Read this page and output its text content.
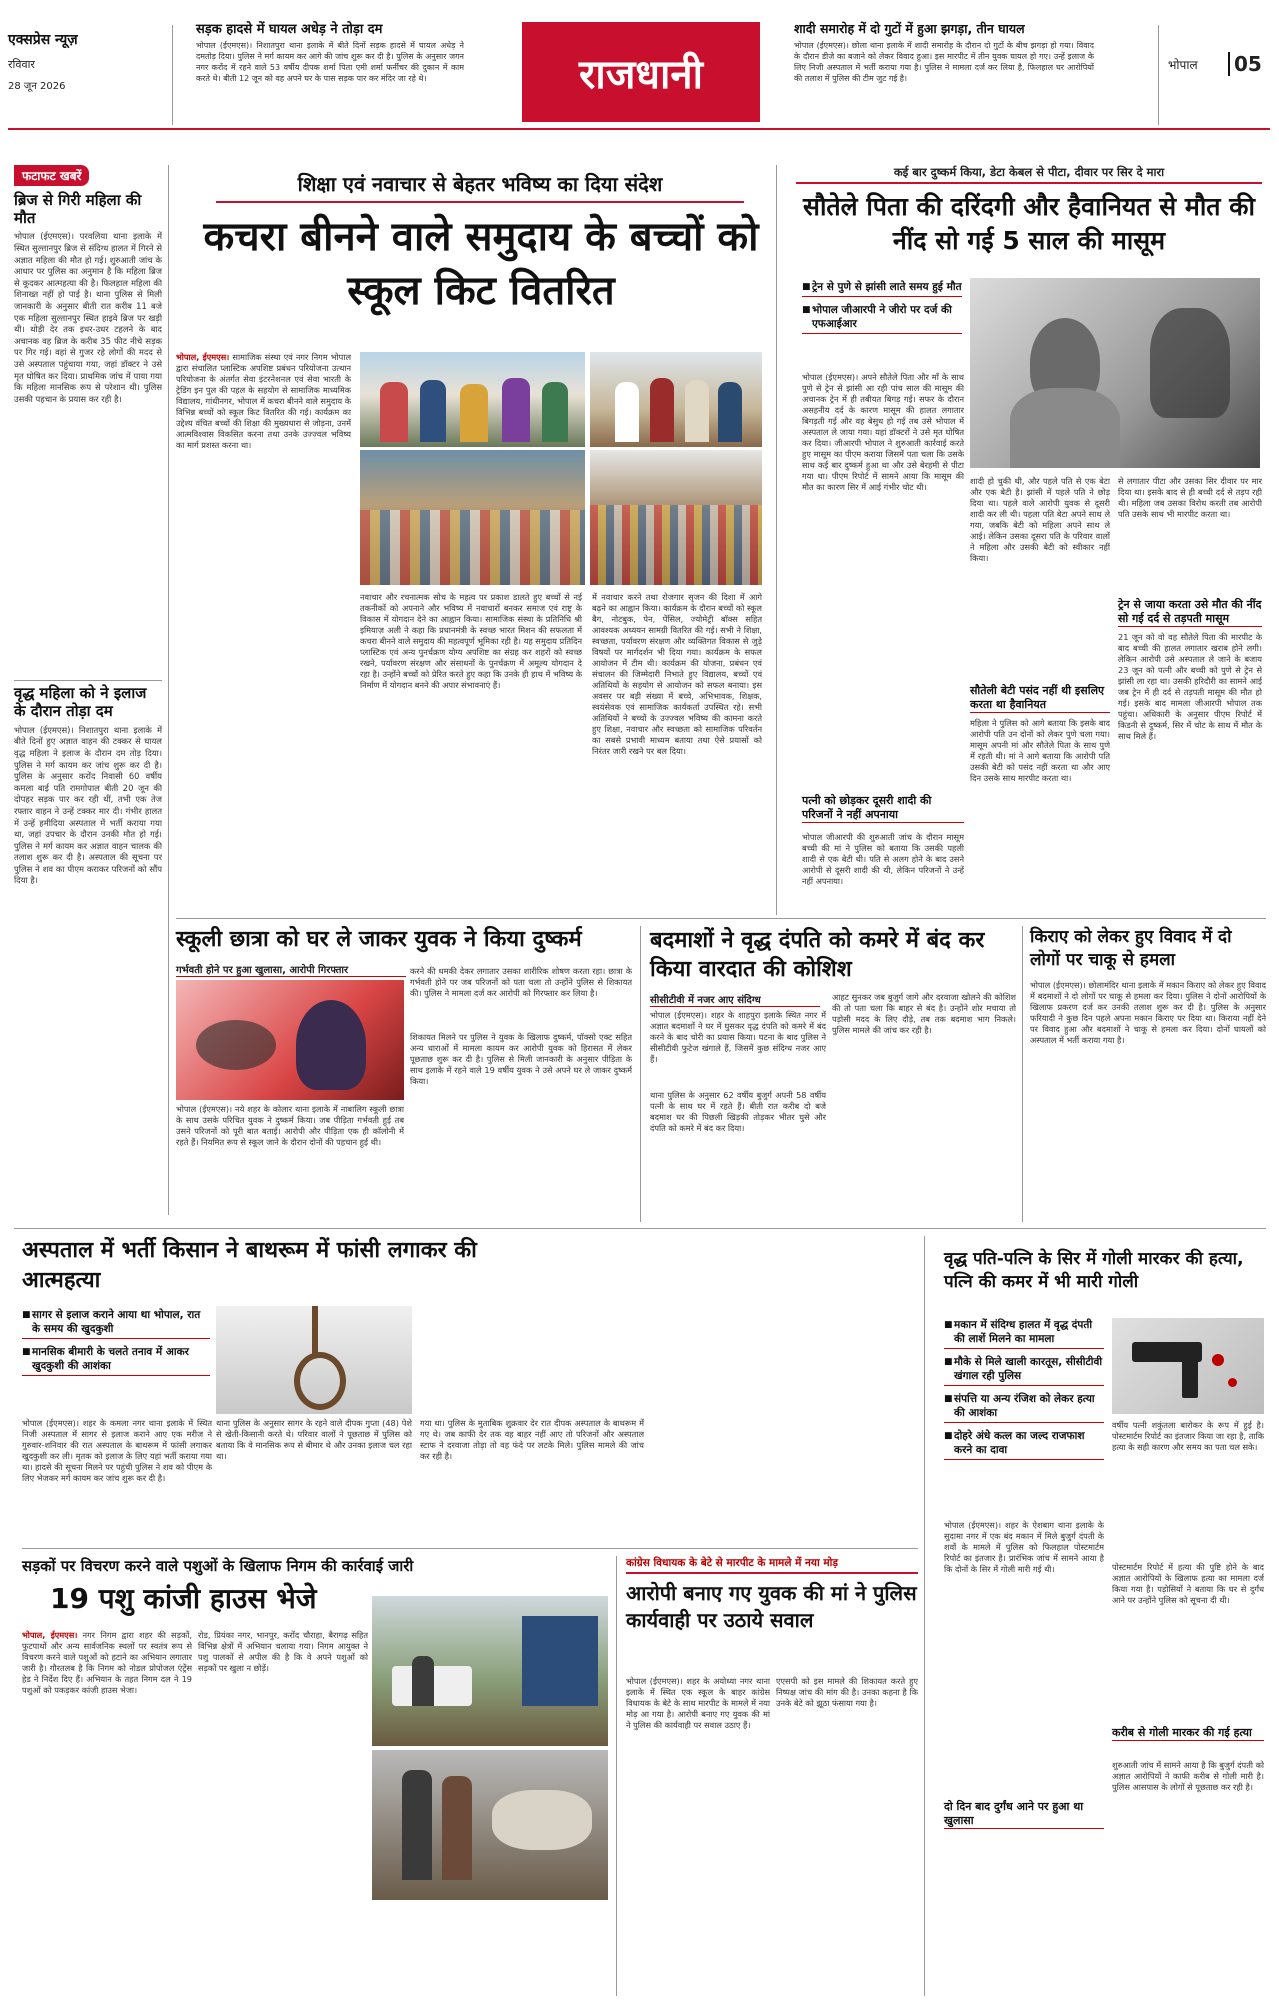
एक्सप्रेस न्यूज़
रविवार
28 जून 2026
सड़क हादसे में घायल अधेड़ ने तोड़ा दम
भोपाल (ईएमएस)। निशातपुरा थाना इलाके में बीते दिनों सड़क हादसे में घायल अधेड़ ने दमतोड़ दिया। पुलिस ने मर्ग कायम कर आगे की जांच शुरू कर दी है। पुलिस के अनुसार जगन नगर करोंद में रहने वाले 53 वर्षीय दीपक शर्मा पिता एमी शर्मा फर्नीचर की दुकान में काम करते थे। बीती 12 जून को वह अपने घर के पास सड़क पार कर मंदिर जा रहे थे।	राजधानी
शादी समारोह में दो गुटों में हुआ झगड़ा, तीन घायल
भोपाल (ईएमएस)। छोला थाना इलाके में शादी समारोह के दौरान दो गुटों के बीच झगड़ा हो गया। विवाद के दौरान डीजे का बजाने को लेकर विवाद हुआ। इस मारपीट में तीन युवक घायल हो गए। उन्हें इलाज के लिए निजी अस्पताल में भर्ती कराया गया है। पुलिस ने मामला दर्ज कर लिया है, फिलहाल घर आरोपियों की तलाश में पुलिस की टीम जुट गई है।
भोपाल	05
फटाफट खबरें
ब्रिज से गिरी महिला की मौत
भोपाल (ईएमएस)। परवलिया थाना इलाके में स्थित सुल्तानपुर ब्रिज से संदिग्ध हालत में गिरने से अज्ञात महिला की मौत हो गई। शुरुआती जांच के आधार पर पुलिस का अनुमान है कि महिला ब्रिज से कूदकर आत्महत्या की है। फिलहाल महिला की शिनाख्त नहीं हो पाई है। थाना पुलिस से मिली जानकारी के अनुसार बीती रात करीब 11 बजे एक महिला सुल्तानपुर स्थित हाइवे ब्रिज पर खड़ी थी। थोड़ी देर तक इधर-उधर टहलने के बाद अचानक वह ब्रिज के करीब 35 फीट नीचे सड़क पर गिर गई। वहां से गुजर रहे लोगों की मदद से उसे अस्पताल पहुंचाया गया, जहां डॉक्टर ने उसे मृत घोषित कर दिया। प्राथमिक जांच में पाया गया कि महिला मानसिक रूप से परेशान थी। पुलिस उसकी पहचान के प्रयास कर रही है।
वृद्ध महिला को ने इलाज के दौरान तोड़ा दम
भोपाल (ईएमएस)। निशातपुरा थाना इलाके में बीते दिनों हुए अज्ञात वाहन की टक्कर से घायल वृद्ध महिला ने इलाज के दौरान दम तोड़ दिया। पुलिस ने मर्ग कायम कर जांच शुरू कर दी है। पुलिस के अनुसार करोंद निवासी 60 वर्षीय कमला बाई पति रामगोपाल बीती 20 जून की दोपहर सड़क पार कर रही थीं, तभी एक तेज रफ्तार वाहन ने उन्हें टक्कर मार दी। गंभीर हालत में उन्हें हमीदिया अस्पताल में भर्ती कराया गया था, जहां उपचार के दौरान उनकी मौत हो गई। पुलिस ने मर्ग कायम कर अज्ञात वाहन चालक की तलाश शुरू कर दी है। अस्पताल की सूचना पर पुलिस ने शव का पीएम कराकर परिजनों को सौंप दिया है।
शिक्षा एवं नवाचार से बेहतर भविष्य का दिया संदेश
कचरा बीनने वाले समुदाय के बच्चों को स्कूल किट वितरित
भोपाल, ईएमएस। सामाजिक संस्था एवं नगर निगम भोपाल द्वारा संचालित प्लास्टिक अपशिष्ट प्रबंधन परियोजना उत्थान परियोजना के अंतर्गत सेवा इंटरनेशनल एवं सेवा भारती के ट्रेडिंग इन पुल की पहल के सहयोग से सामाजिक माध्यमिक विद्यालय, गांधीनगर, भोपाल में कचरा बीनने वाले समुदाय के विभिन्न बच्चों को स्कूल किट वितरित की गई। कार्यक्रम का उद्देश्य वंचित बच्चों की शिक्षा की मुख्यधारा से जोड़ना, उनमें आत्मविश्वास विकसित करना तथा उनके उज्ज्वल भविष्य का मार्ग प्रशस्त करना था।
नवाचार और रचनात्मक सोच के महत्व पर प्रकाश डालते हुए बच्चों से नई तकनीकों को अपनाने और भविष्य में नवाचारों बनकर समाज एवं राष्ट्र के विकास में योगदान देने का आह्वान किया। सामाजिक संस्था के प्रतिनिधि श्री इमियाज़ अली ने कहा कि प्रधानमंत्री के स्वच्छ भारत मिशन की सफलता में कचरा बीनने वाले समुदाय की महत्वपूर्ण भूमिका रही है। यह समुदाय प्रतिदिन प्लास्टिक एवं अन्य पुनर्चक्रण योग्य अपशिष्ट का संग्रह कर शहरों को स्वच्छ रखने, पर्यावरण संरक्षण और संसाधनों के पुनर्चक्रण में अमूल्य योगदान दे रहा है। उन्होंने बच्चों को प्रेरित करते हुए कहा कि उनके ही हाथ में भविष्य के निर्माण में योगदान बनने की अपार संभावनाएं हैं।
में नवाचार करने तथा रोजगार सृजन की दिशा में आगे बढ़ने का आह्वान किया। कार्यक्रम के दौरान बच्चों को स्कूल बैग, नोटबुक, पेन, पेंसिल, ज्योमेट्री बॉक्स सहित आवश्यक अध्ययन सामग्री वितरित की गई। सभी ने शिक्षा, स्वच्छता, पर्यावरण संरक्षण और व्यक्तिगत विकास से जुड़े विषयों पर मार्गदर्शन भी दिया गया। कार्यक्रम के सफल आयोजन में टीम थी। कार्यक्रम की योजना, प्रबंधन एवं संचालन की जिम्मेदारी निभाते हुए विद्यालय, बच्चों एवं अतिथियों के सहयोग से आयोजन को सफल बनाया। इस अवसर पर बड़ी संख्या में बच्चे, अभिभावक, शिक्षक, स्वयंसेवक एवं सामाजिक कार्यकर्ता उपस्थित रहे। सभी अतिथियों ने बच्चों के उज्ज्वल भविष्य की कामना करते हुए शिक्षा, नवाचार और स्वच्छता को सामाजिक परिवर्तन का सबसे प्रभावी माध्यम बताया तथा ऐसे प्रयासों को निरंतर जारी रखने पर बल दिया।
कई बार दुष्कर्म किया, डेटा केबल से पीटा, दीवार पर सिर दे मारा
सौतेले पिता की दरिंदगी और हैवानियत से मौत की नींद सो गई 5 साल की मासूम
■ ट्रेन से पुणे से झांसी लाते समय हुई मौत
■ भोपाल जीआरपी ने जीरो पर दर्ज की एफआईआर
भोपाल (ईएमएस)। अपने सौतेले पिता और माँ के साथ पुणे से ट्रेन से झांसी आ रही पांच साल की मासूम की अचानक ट्रेन में ही तबीयत बिगड़ गई। सफर के दौरान असहनीय दर्द के कारण मासूम की हालत लगातार बिगड़ती गई और वह बेसुध हो गई तब उसे भोपाल में अस्पताल ले जाया गया। यहां डॉक्टरों ने उसे मृत घोषित कर दिया। जीआरपी भोपाल ने शुरुआती कार्रवाई करते हुए मासूम का पीएम कराया जिसमें पता चला कि उसके साथ कई बार दुष्कर्म हुआ था और उसे बेरहमी से पीटा गया था। पीएम रिपोर्ट में सामने आया कि मासूम की मौत का कारण सिर में आई गंभीर चोट थी।
पत्नी को छोड़कर दूसरी शादी की परिजनों ने नहीं अपनाया
भोपाल जीआरपी की शुरुआती जांच के दौरान मासूम बच्ची की मां ने पुलिस को बताया कि उसकी पहली शादी से एक बेटी थी। पति से अलग होने के बाद उसने आरोपी से दूसरी शादी की थी, लेकिन परिजनों ने उन्हें नहीं अपनाया।
शादी हो चुकी थी, और पहले पति से एक बेटा और एक बेटी है। झांसी में पहले पति ने छोड़ दिया था। पहले वाले आरोपी युवक से दूसरी शादी कर ली थी। पहला पति बेटा अपने साथ ले गया, जबकि बेटी को महिला अपने साथ ले आई। लेकिन उसका दूसरा पति के परिवार वालों ने महिला और उसकी बेटी को स्वीकार नहीं किया।
से लगातार पीटा और उसका सिर दीवार पर मार दिया था। इसके बाद से ही बच्ची दर्द से तड़प रही थी। महिला जब उसका विरोध करती तब आरोपी पति उसके साथ भी मारपीट करता था।
ट्रेन से जाया करता उसे मौत की नींद सो गई दर्द से तड़पती मासूम
21 जून को वो वह सौतेले पिता की मारपीट के बाद बच्ची की हालत लगातार खराब होने लगी। लेकिन आरोपी उसे अस्पताल ले जाने के बजाय 23 जून को पत्नी और बच्ची को पुणे से ट्रेन से झांसी ला रहा था। उसकी हरिदौरी का सामने आई जब ट्रेन में ही दर्द से तड़पती मासूम की मौत हो गई। इसके बाद मामला जीआरपी भोपाल तक पहुंचा। अधिकारी के अनुसार पीएम रिपोर्ट में किडनी से दुष्कर्म, सिर में चोट के साथ में मौत के साथ मिले हैं।
सौतेली बेटी पसंद नहीं थी इसलिए करता था हैवानियत
महिला ने पुलिस को आगे बताया कि इसके बाद आरोपी पति उन दोनों को लेकर पुणे चला गया। मासूम अपनी मां और सौतेले पिता के साथ पुणे में रहती थी। मां ने आगे बताया कि आरोपी पति उसकी बेटी को पसंद नहीं करता था और आए दिन उसके साथ मारपीट करता था।
स्कूली छात्रा को घर ले जाकर युवक ने किया दुष्कर्म
गर्भवती होने पर हुआ खुलासा, आरोपी गिरफ्तार
भोपाल (ईएमएस)। नये शहर के कोलार थाना इलाके में नाबालिग स्कूली छात्रा के साथ उसके परिचित युवक ने दुष्कर्म किया। जब पीड़िता गर्भवती हुई तब उसने परिजनों को पूरी बात बताई। आरोपी और पीड़िता एक ही कॉलोनी में रहते हैं। नियमित रूप से स्कूल जाने के दौरान दोनों की पहचान हुई थी।
करने की धमकी देकर लगातार उसका शारीरिक शोषण करता रहा। छात्रा के गर्भवती होने पर जब परिजनों को पता चला तो उन्होंने पुलिस से शिकायत की। पुलिस ने मामला दर्ज कर आरोपी को गिरफ्तार कर लिया है।
शिकायत मिलने पर पुलिस ने युवक के खिलाफ दुष्कर्म, पॉक्सो एक्ट सहित अन्य धाराओं में मामला कायम कर आरोपी युवक को हिरासत में लेकर पूछताछ शुरू कर दी है। पुलिस से मिली जानकारी के अनुसार पीड़िता के साथ इलाके में रहने वाले 19 वर्षीय युवक ने उसे अपने घर ले जाकर दुष्कर्म किया।
बदमाशों ने वृद्ध दंपति को कमरे में बंद कर किया वारदात की कोशिश
सीसीटीवी में नजर आए संदिग्ध
भोपाल (ईएमएस)। शहर के शाहपुरा इलाके स्थित नगर में अज्ञात बदमाशों ने घर में घुसकर वृद्ध दंपति को कमरे में बंद करने के बाद चोरी का प्रयास किया। घटना के बाद पुलिस ने सीसीटीवी फुटेज खंगाले हैं, जिसमें कुछ संदिग्ध नजर आए हैं।
थाना पुलिस के अनुसार 62 वर्षीय बुजुर्ग अपनी 58 वर्षीय पत्नी के साथ घर में रहते हैं। बीती रात करीब दो बजे बदमाश घर की पिछली खिड़की तोड़कर भीतर घुसे और दंपति को कमरे में बंद कर दिया।
आहट सुनकर जब बुजुर्ग जागे और दरवाजा खोलने की कोशिश की तो पता चला कि बाहर से बंद है। उन्होंने शोर मचाया तो पड़ोसी मदद के लिए दौड़े, तब तक बदमाश भाग निकले। पुलिस मामले की जांच कर रही है।
किराए को लेकर हुए विवाद में दो लोगों पर चाकू से हमला
भोपाल (ईएमएस)। छोलामंदिर थाना इलाके में मकान किराए को लेकर हुए विवाद में बदमाशों ने दो लोगों पर चाकू से हमला कर दिया। पुलिस ने दोनों आरोपियों के खिलाफ प्रकरण दर्ज कर उनकी तलाश शुरू कर दी है। पुलिस के अनुसार फरियादी ने कुछ दिन पहले अपना मकान किराए पर दिया था। किराया नहीं देने पर विवाद हुआ और बदमाशों ने चाकू से हमला कर दिया। दोनों घायलों को अस्पताल में भर्ती कराया गया है।
अस्पताल में भर्ती किसान ने बाथरूम में फांसी लगाकर की आत्महत्या
■ सागर से इलाज कराने आया था भोपाल, रात के समय की खुदकुशी
■ मानसिक बीमारी के चलते तनाव में आकर खुदकुशी की आशंका
भोपाल (ईएमएस)। शहर के कमला नगर थाना इलाके में स्थित निजी अस्पताल में सागर से इलाज कराने आए एक मरीज ने गुरुवार-शनिवार की रात अस्पताल के बाथरूम में फांसी लगाकर खुदकुशी कर ली। मृतक को इलाज के लिए यहां भर्ती कराया गया था। हादसे की सूचना मिलने पर पहुंची पुलिस ने शव को पीएम के लिए भेजकर मर्ग कायम कर जांच शुरू कर दी है।
थाना पुलिस के अनुसार सागर के रहने वाले दीपक गुप्ता (48) पेशे से खेती-किसानी करते थे। परिवार वालों ने पूछताछ में पुलिस को बताया कि वे मानसिक रूप से बीमार थे और उनका इलाज चल रहा था।
गया था। पुलिस के मुताबिक शुक्रवार देर रात दीपक अस्पताल के बाथरूम में गए थे। जब काफी देर तक वह बाहर नहीं आए तो परिजनों और अस्पताल स्टाफ ने दरवाजा तोड़ा तो वह फंदे पर लटके मिले। पुलिस मामले की जांच कर रही है।
वृद्ध पति-पत्नि के सिर में गोली मारकर की हत्या, पत्नि की कमर में भी मारी गोली
■ मकान में संदिग्ध हालत में वृद्ध दंपती की लाशें मिलने का मामला
■ मौके से मिले खाली कारतूस, सीसीटीवी खंगाल रही पुलिस
■ संपत्ति या अन्य रंजिश को लेकर हत्या की आशंका
■ दोहरे अंधे कत्ल का जल्द राजफाश करने का दावा
वर्षीय पत्नी शकुंतला बारोकर के रूप में हुई है। पोस्टमार्टम रिपोर्ट का इंतजार किया जा रहा है, ताकि हत्या के सही कारण और समय का पता चल सके।
भोपाल (ईएमएस)। शहर के ऐशबाग थाना इलाके के सुदामा नगर में एक बंद मकान में मिले बुजुर्ग दंपती के शवों के मामले में पुलिस को फिलहाल पोस्टमार्टम रिपोर्ट का इंतजार है। प्रारंभिक जांच में सामने आया है कि दोनों के सिर में गोली मारी गई थी।	पोस्टमार्टम रिपोर्ट में हत्या की पुष्टि होने के बाद अज्ञात आरोपियों के खिलाफ हत्या का मामला दर्ज किया गया है। पड़ोसियों ने बताया कि घर से दुर्गंध आने पर उन्होंने पुलिस को सूचना दी थी।
दो दिन बाद दुर्गंध आने पर हुआ था खुलासा
करीब से गोली मारकर की गई हत्या
शुरुआती जांच में सामने आया है कि बुजुर्ग दंपती को अज्ञात आरोपियों ने काफी करीब से गोली मारी है। पुलिस आसपास के लोगों से पूछताछ कर रही है।
सड़कों पर विचरण करने वाले पशुओं के खिलाफ निगम की कार्रवाई जारी
19 पशु कांजी हाउस भेजे
भोपाल, ईएमएस। नगर निगम द्वारा शहर की सड़कों, फुटपाथों और अन्य सार्वजनिक स्थलों पर स्वतंत्र रूप से विचरण करने वाले पशुओं को हटाने का अभियान लगातार जारी है। गौरतलब है कि निगम को नोडल प्रोपोजल एंट्रेंस हेड ने निर्देश दिए हैं। अभियान के तहत निगम दल ने 19 पशुओं को पकड़कर कांजी हाउस भेजा।
रोड, प्रियंका नगर, भानपुर, करोंद चौराहा, बैरागढ़ सहित विभिन्न क्षेत्रों में अभियान चलाया गया। निगम आयुक्त ने पशु पालकों से अपील की है कि वे अपने पशुओं को सड़कों पर खुला न छोड़ें।
कांग्रेस विधायक के बेटे से मारपीट के मामले में नया मोड़
आरोपी बनाए गए युवक की मां ने पुलिस कार्यवाही पर उठाये सवाल
भोपाल (ईएमएस)। शहर के अयोध्या नगर थाना इलाके में स्थित एक स्कूल के बाहर कांग्रेस विधायक के बेटे के साथ मारपीट के मामले में नया मोड़ आ गया है। आरोपी बनाए गए युवक की मां ने पुलिस की कार्यवाही पर सवाल उठाए हैं।
एएसपी को इस मामले की शिकायत करते हुए निष्पक्ष जांच की मांग की है। उनका कहना है कि उनके बेटे को झूठा फंसाया गया है।
